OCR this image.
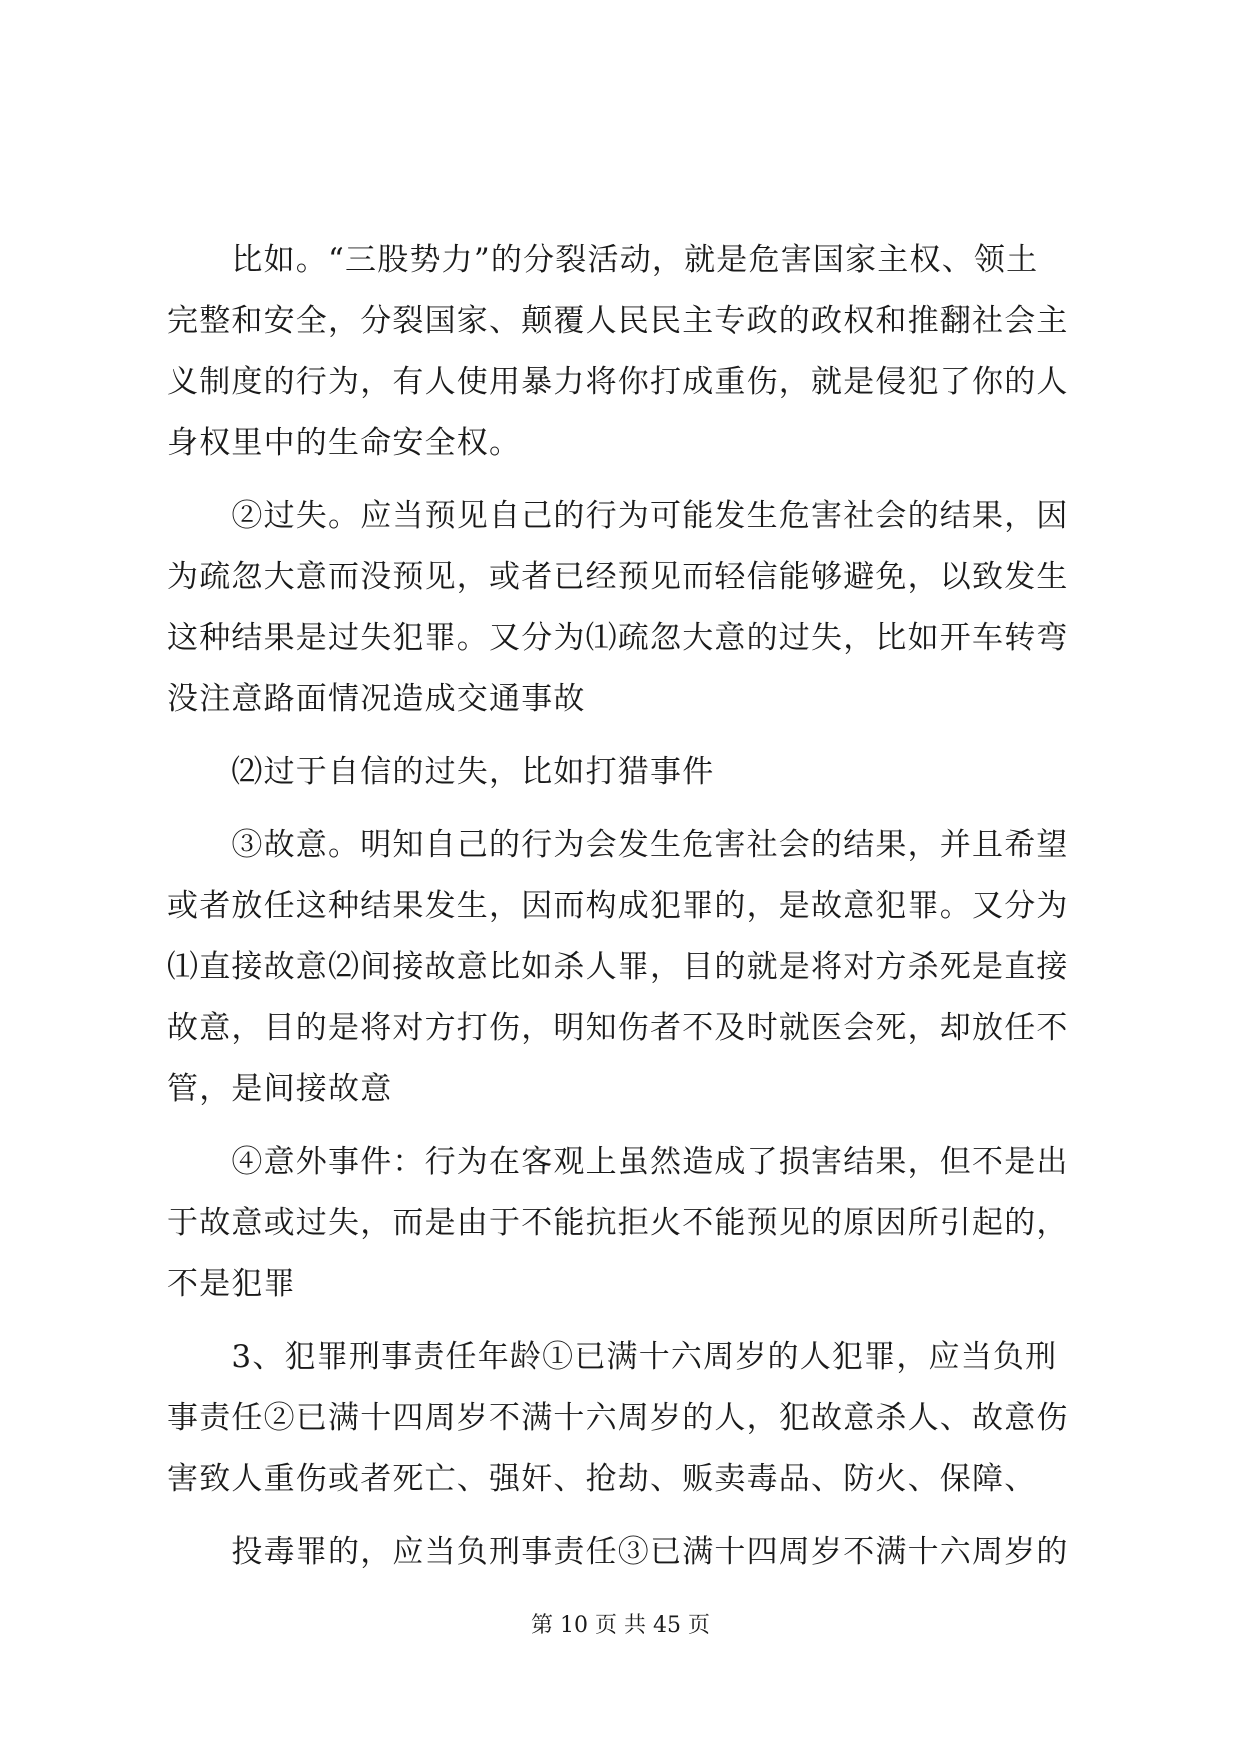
　　比如。“三股势力”的分裂活动，就是危害国家主权、领土
完整和安全，分裂国家、颠覆人民民主专政的政权和推翻社会主
义制度的行为，有人使用暴力将你打成重伤，就是侵犯了你的人
身权里中的生命安全权。
　　②过失。应当预见自己的行为可能发生危害社会的结果，因
为疏忽大意而没预见，或者已经预见而轻信能够避免，以致发生
这种结果是过失犯罪。又分为⑴疏忽大意的过失，比如开车转弯
没注意路面情况造成交通事故
　　⑵过于自信的过失，比如打猎事件
　　③故意。明知自己的行为会发生危害社会的结果，并且希望
或者放任这种结果发生，因而构成犯罪的，是故意犯罪。又分为
⑴直接故意⑵间接故意比如杀人罪，目的就是将对方杀死是直接
故意，目的是将对方打伤，明知伤者不及时就医会死，却放任不
管，是间接故意
　　④意外事件：行为在客观上虽然造成了损害结果，但不是出
于故意或过失，而是由于不能抗拒火不能预见的原因所引起的，
不是犯罪
　　3、犯罪刑事责任年龄①已满十六周岁的人犯罪，应当负刑
事责任②已满十四周岁不满十六周岁的人，犯故意杀人、故意伤
害致人重伤或者死亡、强奸、抢劫、贩卖毒品、防火、保障、
　　投毒罪的，应当负刑事责任③已满十四周岁不满十六周岁的
第 10 页 共 45 页
